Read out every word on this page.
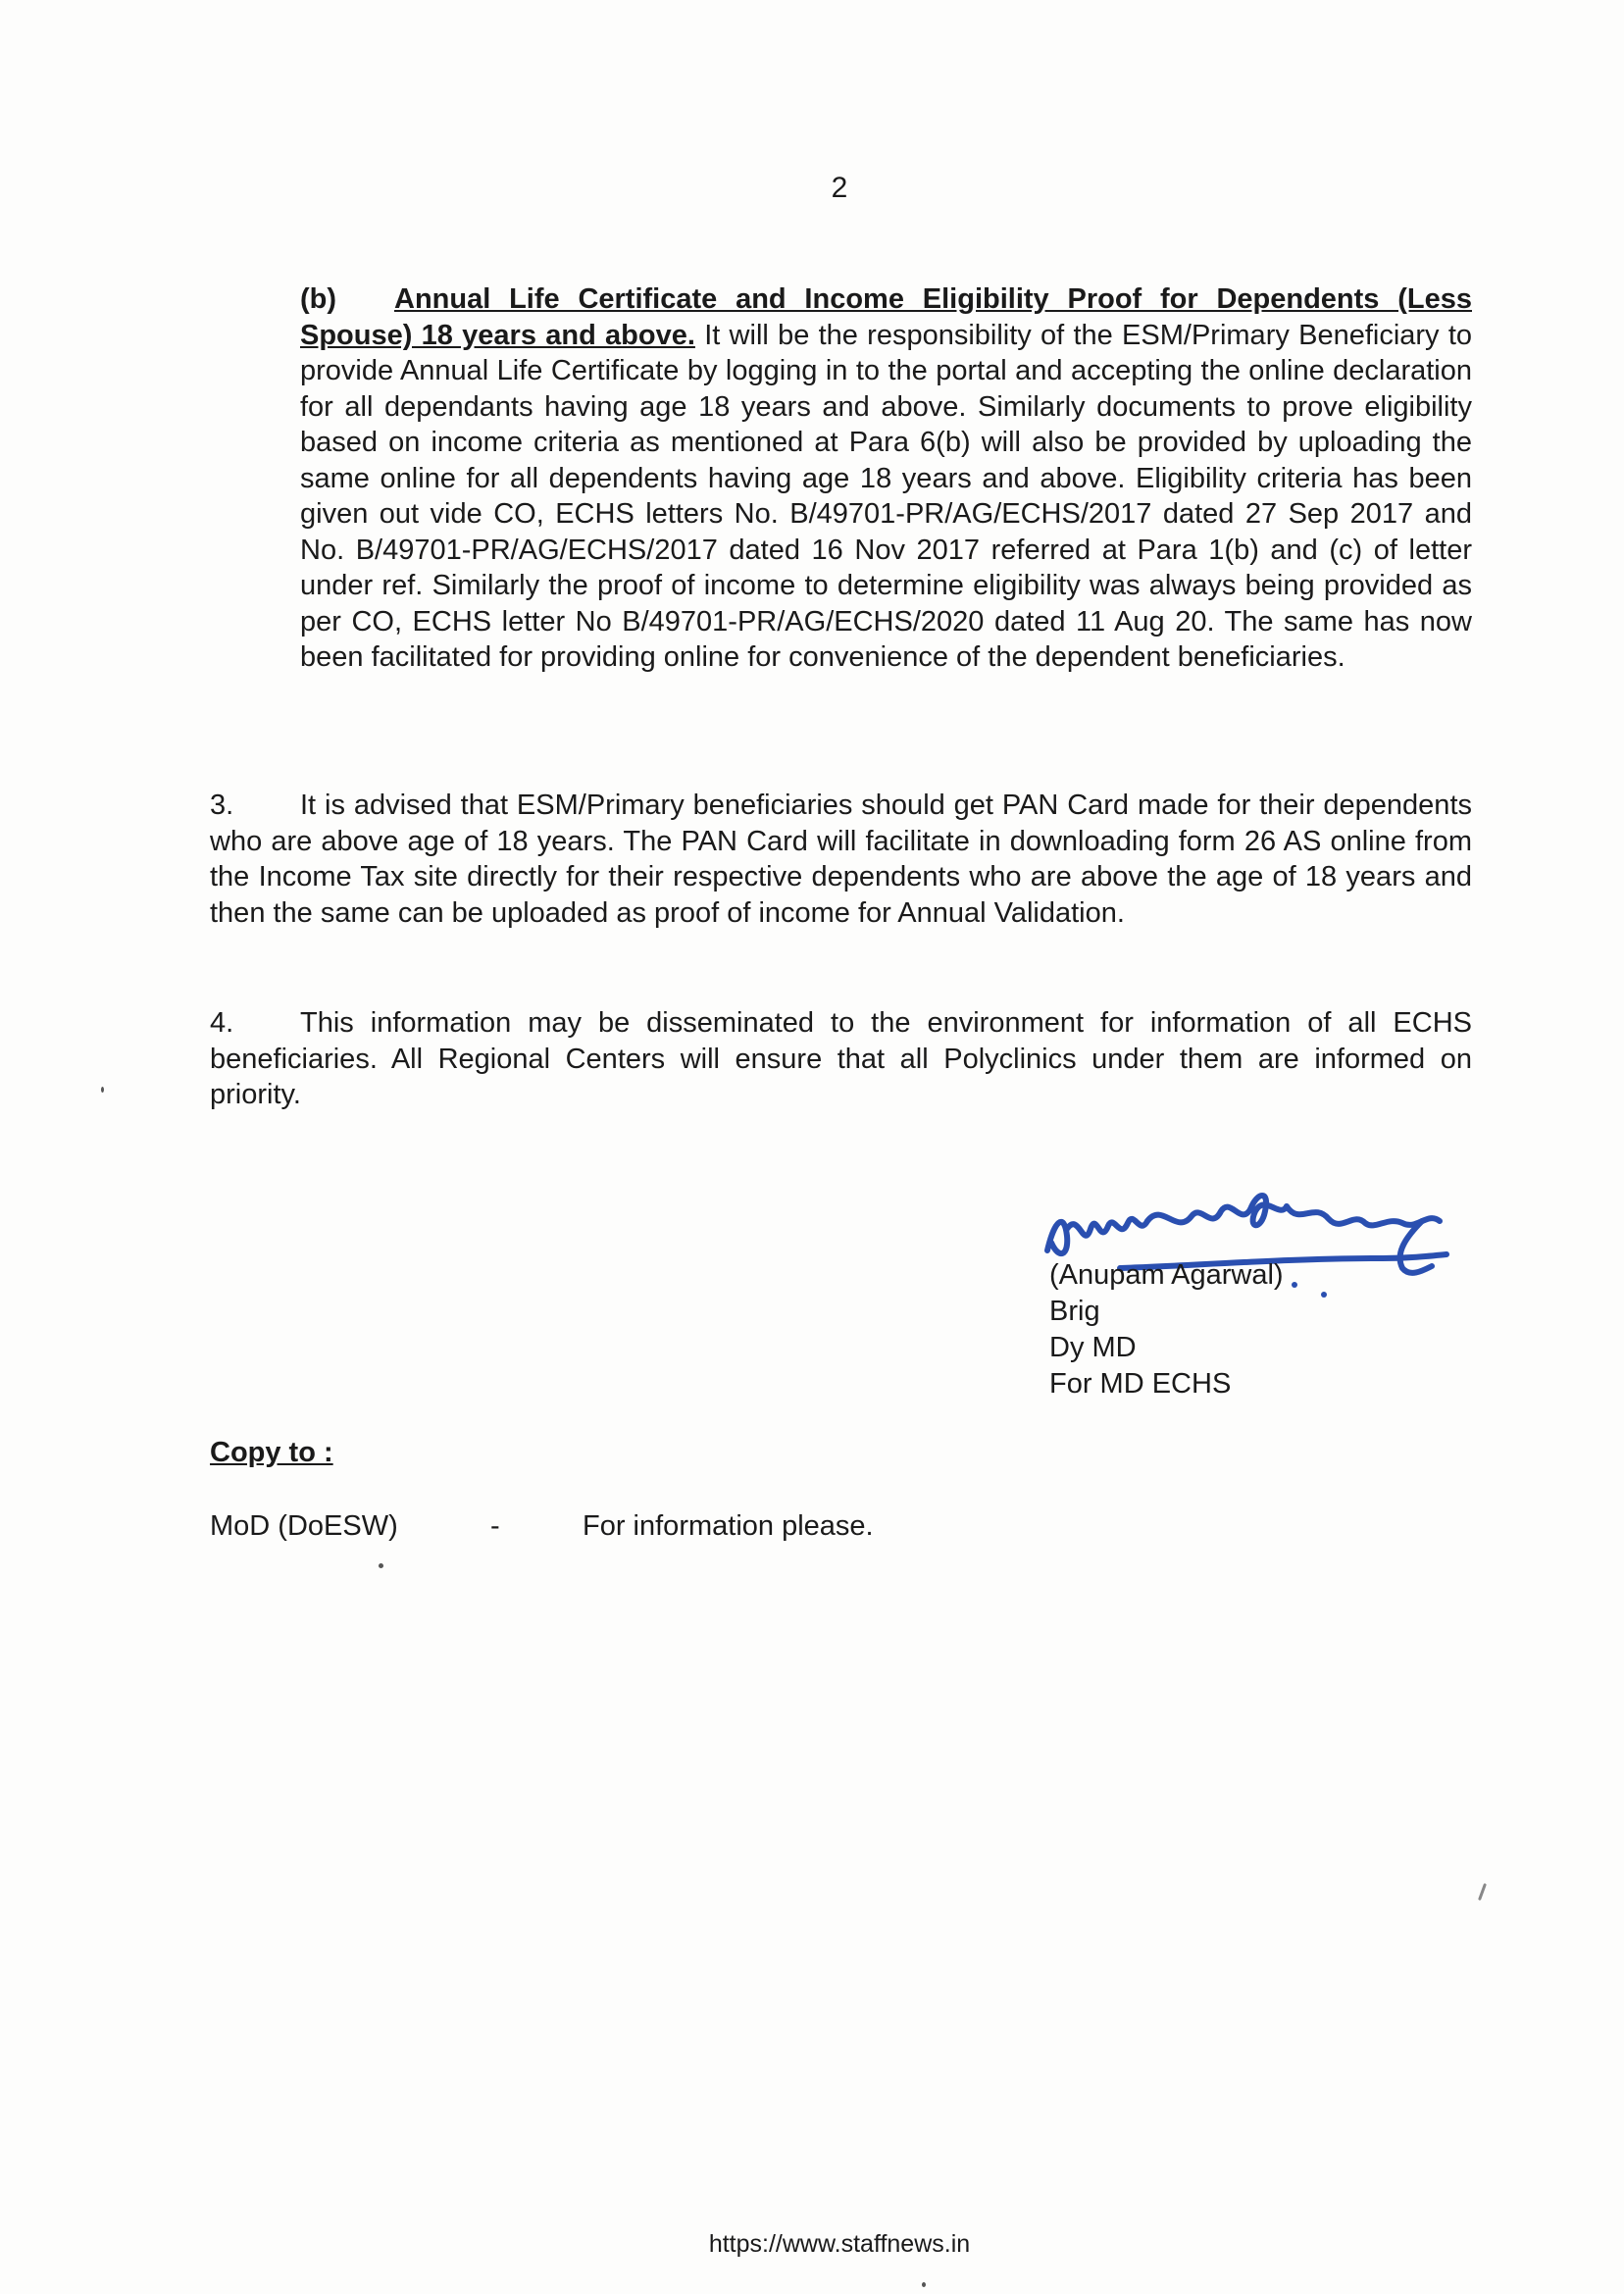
2
(b) Annual Life Certificate and Income Eligibility Proof for Dependents (Less Spouse) 18 years and above. It will be the responsibility of the ESM/Primary Beneficiary to provide Annual Life Certificate by logging in to the portal and accepting the online declaration for all dependants having age 18 years and above. Similarly documents to prove eligibility based on income criteria as mentioned at Para 6(b) will also be provided by uploading the same online for all dependents having age 18 years and above. Eligibility criteria has been given out vide CO, ECHS letters No. B/49701-PR/AG/ECHS/2017 dated 27 Sep 2017 and No. B/49701-PR/AG/ECHS/2017 dated 16 Nov 2017 referred at Para 1(b) and (c) of letter under ref. Similarly the proof of income to determine eligibility was always being provided as per CO, ECHS letter No B/49701-PR/AG/ECHS/2020 dated 11 Aug 20. The same has now been facilitated for providing online for convenience of the dependent beneficiaries.
3. It is advised that ESM/Primary beneficiaries should get PAN Card made for their dependents who are above age of 18 years. The PAN Card will facilitate in downloading form 26 AS online from the Income Tax site directly for their respective dependents who are above the age of 18 years and then the same can be uploaded as proof of income for Annual Validation.
4. This information may be disseminated to the environment for information of all ECHS beneficiaries. All Regional Centers will ensure that all Polyclinics under them are informed on priority.
(Anupam Agarwal)
Brig
Dy MD
For MD ECHS
Copy to :
MoD (DoESW)	-	For information please.
https://www.staffnews.in
